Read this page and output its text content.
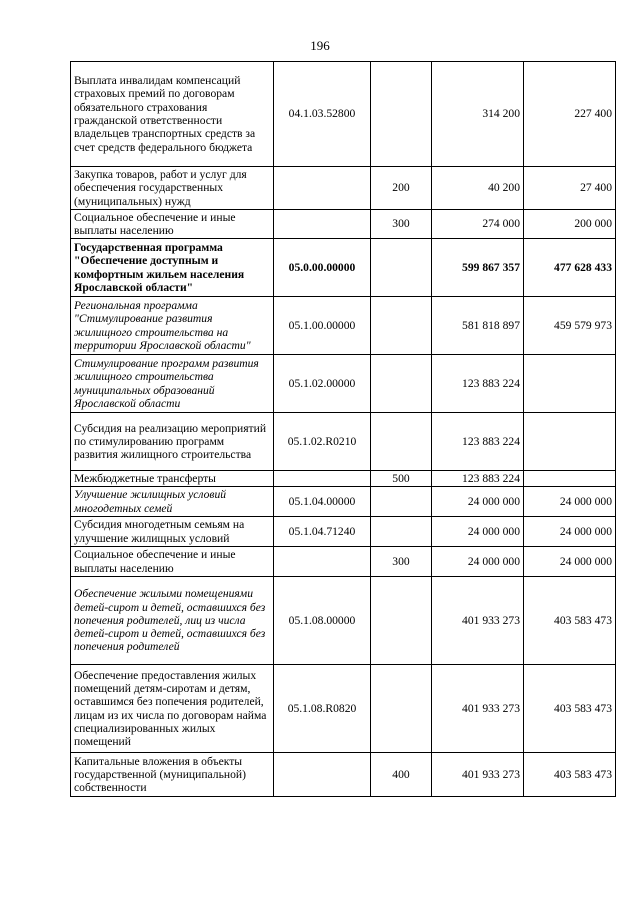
196
Выплата инвалидам компенсаций страховых премий по договорам обязательного страхования гражданской ответственности владельцев транспортных средств за счет средств федерального бюджета	04.1.03.52800		314 200	227 400
Закупка товаров, работ и услуг для обеспечения государственных (муниципальных) нужд		200	40 200	27 400
Социальное обеспечение и иные выплаты населению		300	274 000	200 000
Государственная программа "Обеспечение доступным и комфортным жильем населения Ярославской области"	05.0.00.00000		599 867 357	477 628 433
Региональная программа "Стимулирование развития жилищного строительства на территории Ярославской области"	05.1.00.00000		581 818 897	459 579 973
Стимулирование программ развития жилищного строительства муниципальных образований Ярославской области	05.1.02.00000		123 883 224	
Субсидия на реализацию мероприятий по стимулированию программ развития жилищного строительства	05.1.02.R0210		123 883 224	
Межбюджетные трансферты		500	123 883 224	
Улучшение жилищных условий многодетных семей	05.1.04.00000		24 000 000	24 000 000
Субсидия многодетным семьям на улучшение жилищных условий	05.1.04.71240		24 000 000	24 000 000
Социальное обеспечение и иные выплаты населению		300	24 000 000	24 000 000
Обеспечение жилыми помещениями детей-сирот и детей, оставшихся без попечения родителей, лиц из числа детей-сирот и детей, оставшихся без попечения родителей	05.1.08.00000		401 933 273	403 583 473
Обеспечение предоставления жилых помещений детям-сиротам и детям, оставшимся без попечения родителей, лицам из их числа по договорам найма специализированных жилых помещений	05.1.08.R0820		401 933 273	403 583 473
Капитальные вложения в объекты государственной (муниципальной) собственности		400	401 933 273	403 583 473
